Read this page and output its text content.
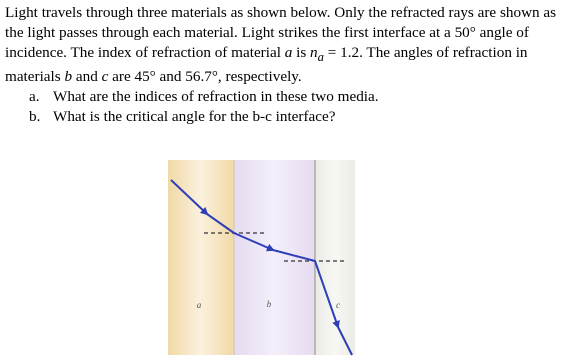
Light travels through three materials as shown below. Only the refracted rays are shown as the light passes through each material. Light strikes the first interface at a 50° angle of incidence. The index of refraction of material a is $n_a = 1.2$. The angles of refraction in materials b and c are 45° and 56.7°, respectively.

a. What are the indices of refraction in these two media.
b. What is the critical angle for the b-c interface?
a	b	c
